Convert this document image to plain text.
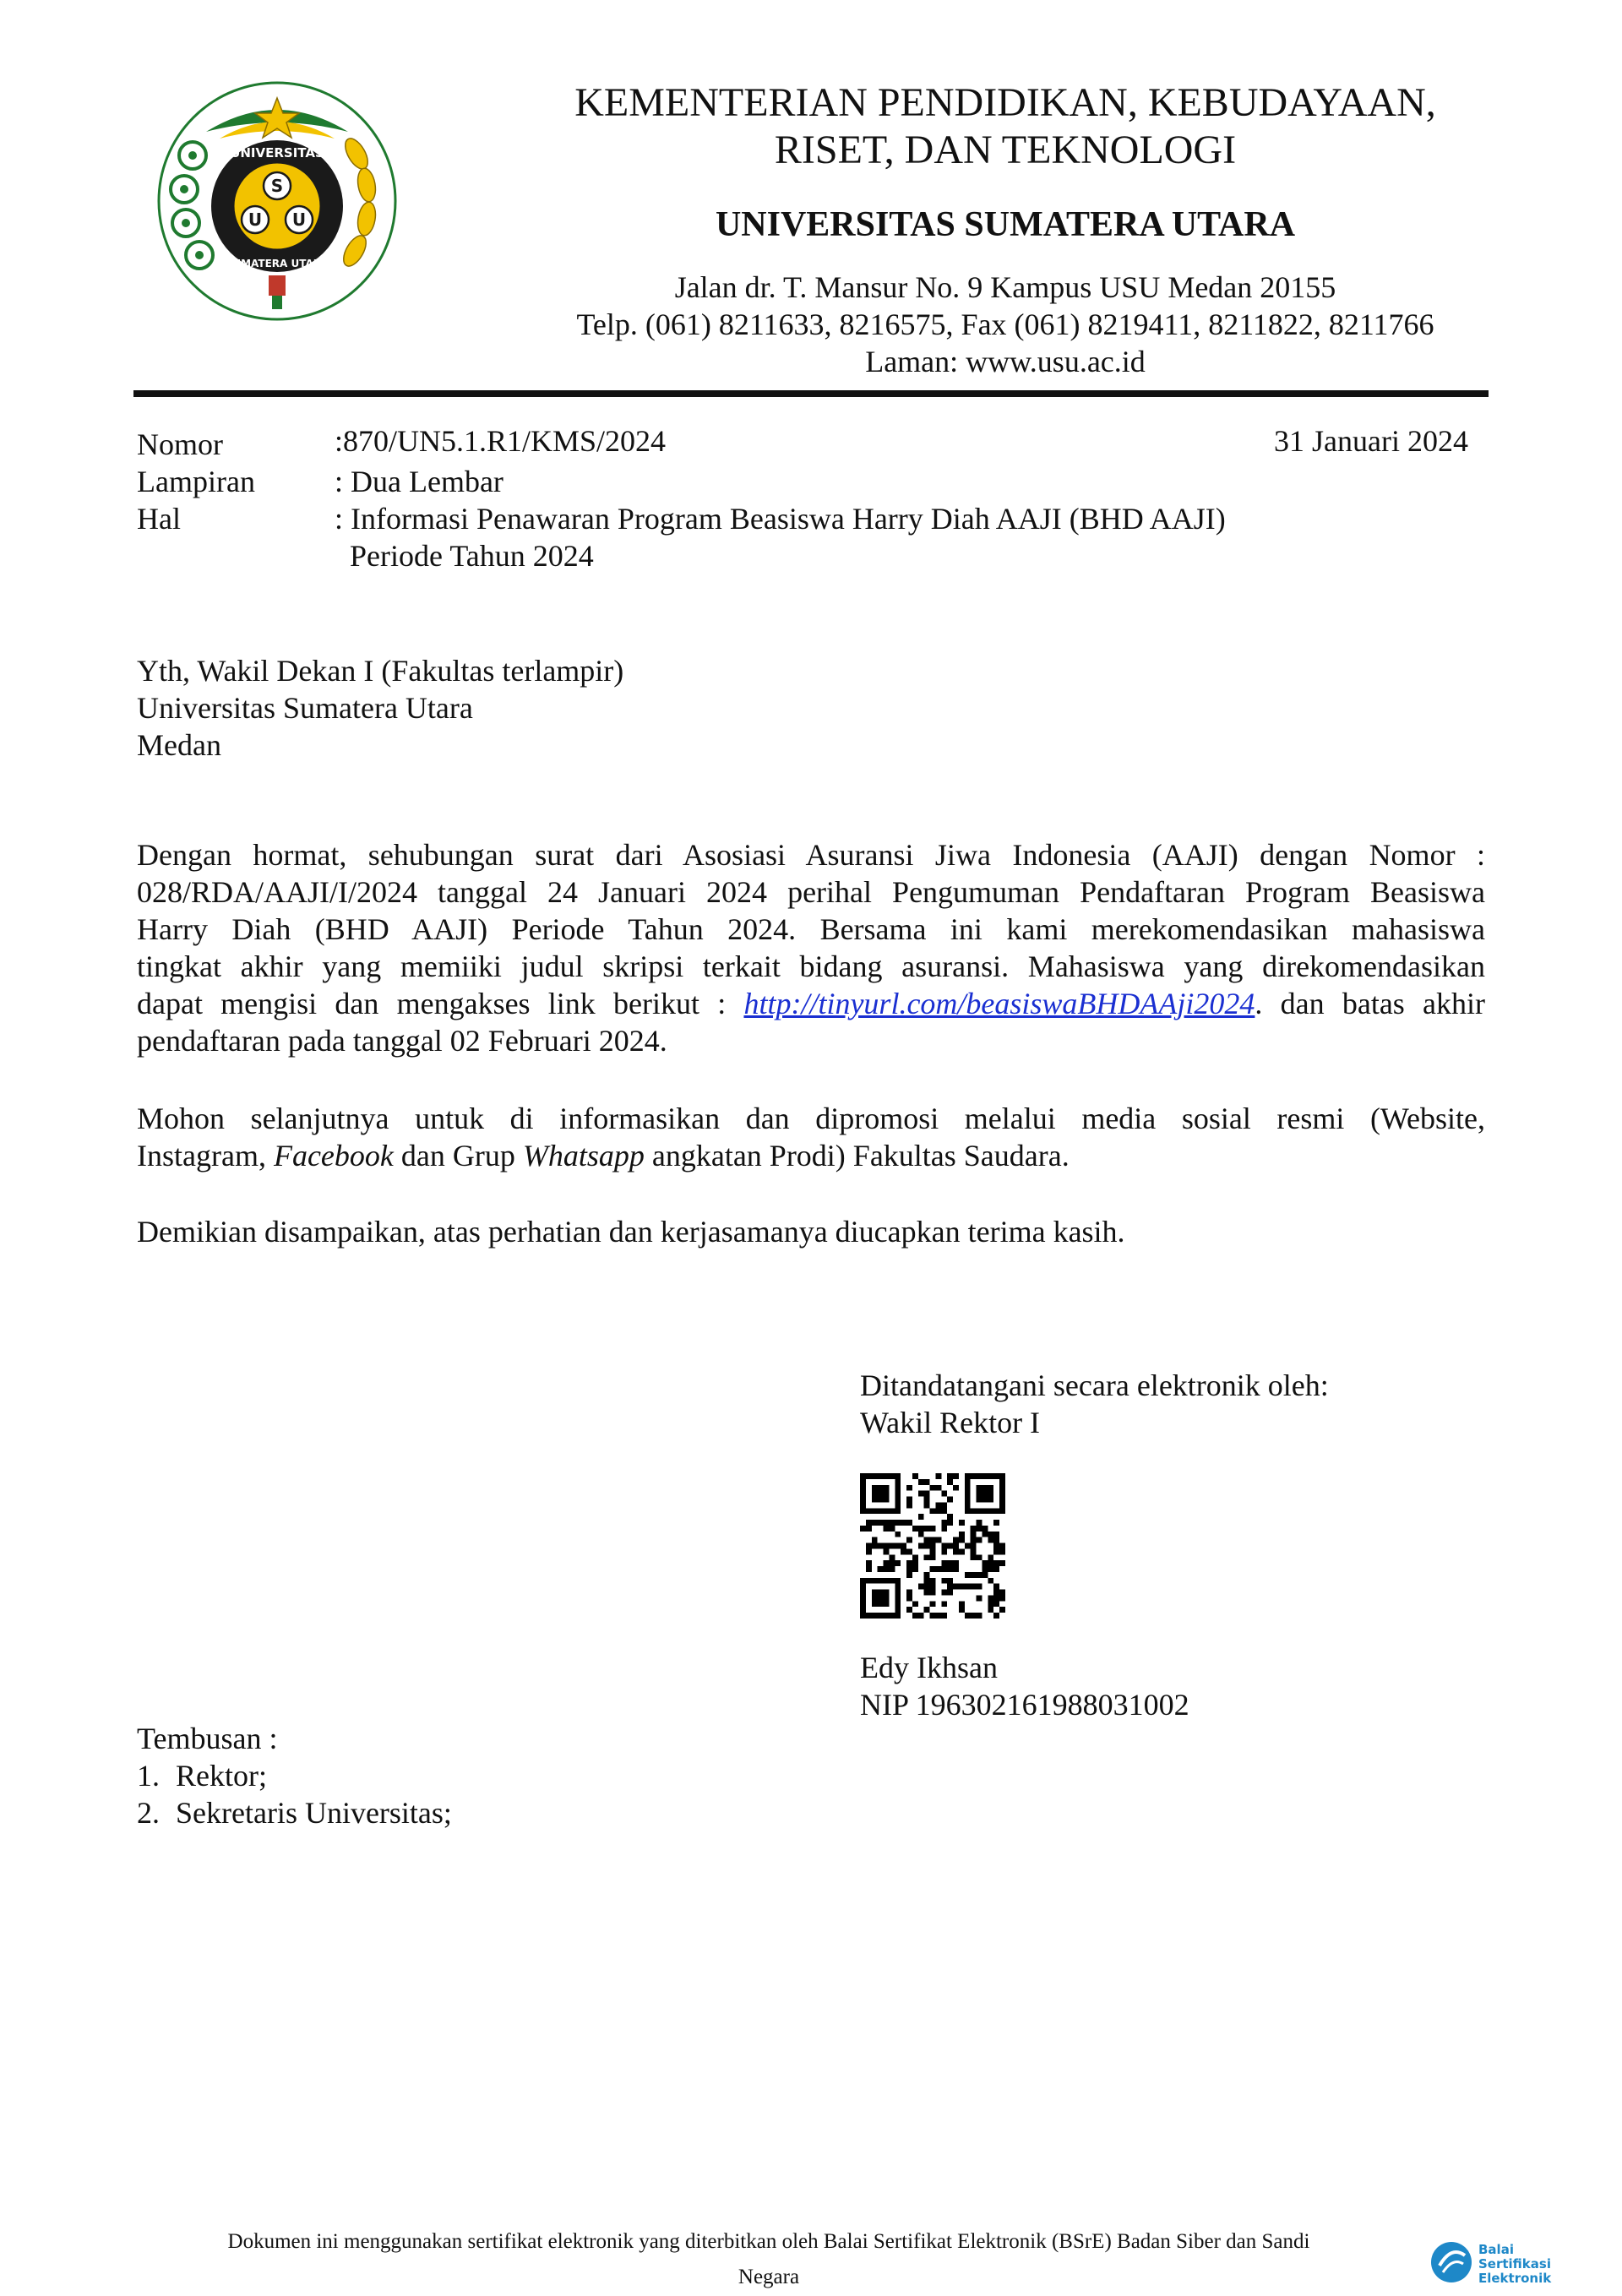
UNIVERSITAS
SUMATERA UTARA
S
U U
KEMENTERIAN PENDIDIKAN, KEBUDAYAAN,
RISET, DAN TEKNOLOGI
UNIVERSITAS SUMATERA UTARA
Jalan dr. T. Mansur No. 9 Kampus USU Medan 20155
Telp. (061) 8211633, 8216575, Fax (061) 8219411, 8211822, 8211766
Laman: www.usu.ac.id
Nomor	:870/UN5.1.R1/KMS/2024	31 Januari 2024
Lampiran	: Dua Lembar
Hal	: Informasi Penawaran Program Beasiswa Harry Diah AAJI (BHD AAJI)
Periode Tahun 2024
Yth, Wakil Dekan I (Fakultas terlampir)
Universitas Sumatera Utara
Medan
Dengan hormat, sehubungan surat dari Asosiasi Asuransi Jiwa Indonesia (AAJI) dengan Nomor :
028/RDA/AAJI/I/2024 tanggal 24 Januari 2024 perihal Pengumuman Pendaftaran Program Beasiswa
Harry Diah (BHD AAJI) Periode Tahun 2024. Bersama ini kami merekomendasikan mahasiswa
tingkat akhir yang memiiki judul skripsi terkait bidang asuransi. Mahasiswa yang direkomendasikan
dapat mengisi dan mengakses link berikut : http://tinyurl.com/beasiswaBHDAAji2024. dan batas akhir
pendaftaran pada tanggal 02 Februari 2024.
Mohon selanjutnya untuk di informasikan dan dipromosi melalui media sosial resmi (Website,
Instagram, Facebook dan Grup Whatsapp angkatan Prodi) Fakultas Saudara.
Demikian disampaikan, atas perhatian dan kerjasamanya diucapkan terima kasih.
Ditandatangani secara elektronik oleh:
Wakil Rektor I
Edy Ikhsan
NIP 196302161988031002
Tembusan :
1. Rektor;
2. Sekretaris Universitas;
Dokumen ini menggunakan sertifikat elektronik yang diterbitkan oleh Balai Sertifikat Elektronik (BSrE) Badan Siber dan Sandi
Negara
Balai
Sertifikasi
Elektronik
